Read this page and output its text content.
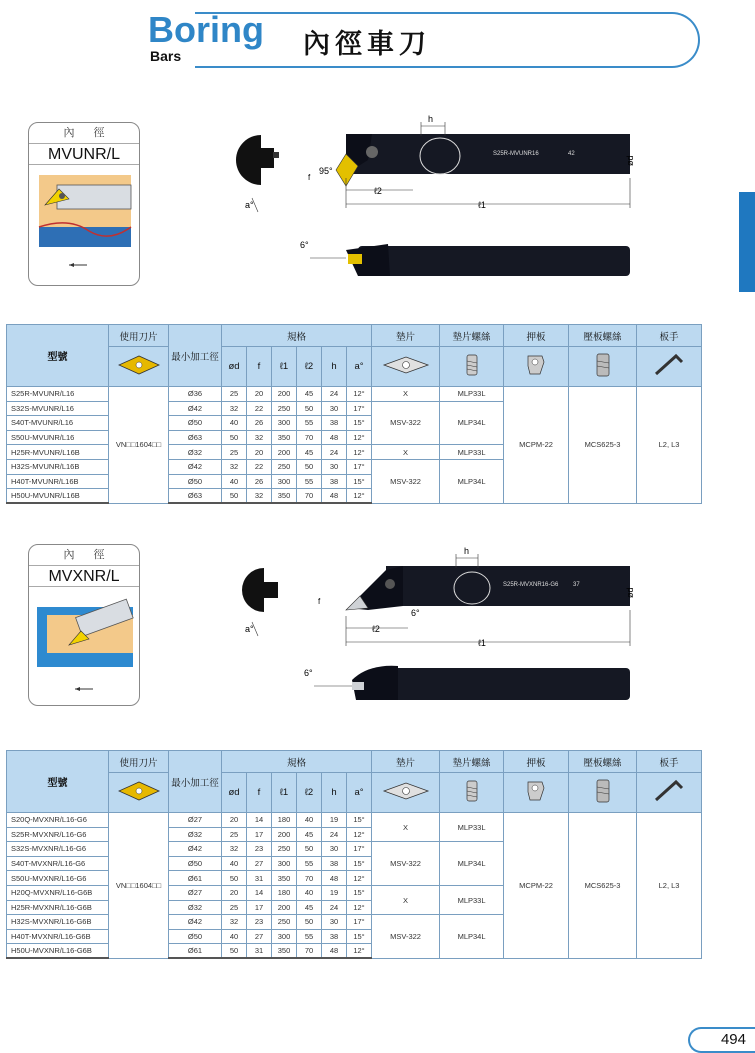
Boring
Bars	內徑車刀
內 徑
MVUNR/L
a°
S25R-MVUNR16	42
h
95°
f
ød
ℓ2
ℓ1
6°
型號	使用刀片	最小加工徑	規格						墊片	墊片螺絲	押板	壓板螺絲	板手
	ød	f	ℓ1	ℓ2	h	a°					
S25R-MVUNR/L16	VN□□1604□□	Ø36	25	20	200	45	24	12°	X	MLP33L	MCPM-22	MCS625-3	L2, L3
S32S-MVUNR/L16		Ø42	32	22	250	50	30	17°	MSV-322	MLP34L			
S40T-MVUNR/L16		Ø50	40	26	300	55	38	15°					
S50U-MVUNR/L16		Ø63	50	32	350	70	48	12°					
H25R-MVUNR/L16B		Ø32	25	20	200	45	24	12°	X	MLP33L			
H32S-MVUNR/L16B		Ø42	32	22	250	50	30	17°	MSV-322	MLP34L			
H40T-MVUNR/L16B		Ø50	40	26	300	55	38	15°					
H50U-MVUNR/L16B		Ø63	50	32	350	70	48	12°					
內 徑
MVXNR/L
a°
S25R-MVXNR16-G6 37
h
f
6°
ød
ℓ2
ℓ1
6°
型號	使用刀片	最小加工徑	規格						墊片	墊片螺絲	押板	壓板螺絲	板手
	ød	f	ℓ1	ℓ2	h	a°					
S20Q-MVXNR/L16-G6	VN□□1604□□	Ø27	20	14	180	40	19	15°	X	MLP33L	MCPM-22	MCS625-3	L2, L3
S25R-MVXNR/L16-G6		Ø32	25	17	200	45	24	12°					
S32S-MVXNR/L16-G6		Ø42	32	23	250	50	30	17°	MSV-322	MLP34L			
S40T-MVXNR/L16-G6		Ø50	40	27	300	55	38	15°					
S50U-MVXNR/L16-G6		Ø61	50	31	350	70	48	12°					
H20Q-MVXNR/L16-G6B		Ø27	20	14	180	40	19	15°	X	MLP33L			
H25R-MVXNR/L16-G6B		Ø32	25	17	200	45	24	12°					
H32S-MVXNR/L16-G6B		Ø42	32	23	250	50	30	17°	MSV-322	MLP34L			
H40T-MVXNR/L16-G6B		Ø50	40	27	300	55	38	15°					
H50U-MVXNR/L16-G6B		Ø61	50	31	350	70	48	12°					
494
